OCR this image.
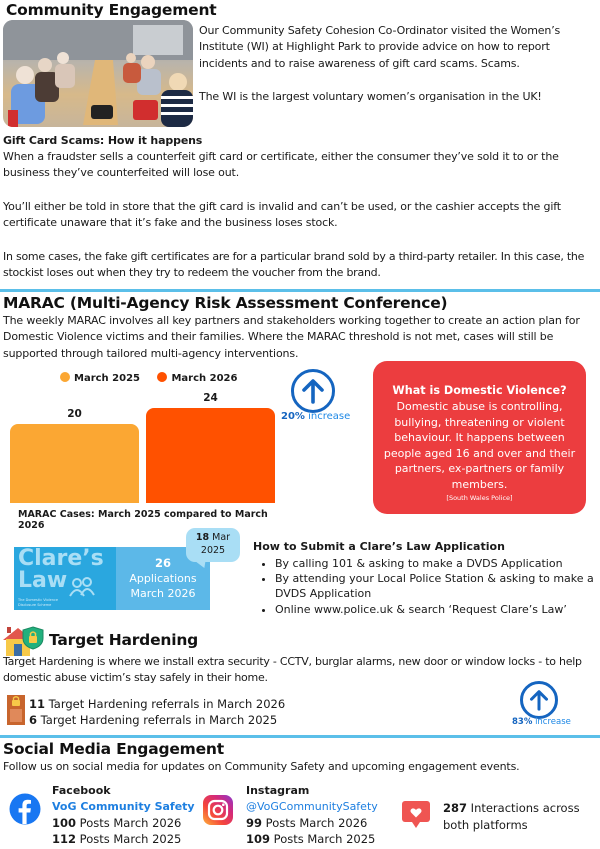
Community Engagement
Our Community Safety Cohesion Co-Ordinator visited the Women’s Institute (WI) at Highlight Park to provide advice on how to report incidents and to raise awareness of gift card scams. Scams.
The WI is the largest voluntary women’s organisation in the UK!
Gift Card Scams: How it happens
When a fraudster sells a counterfeit gift card or certificate, either the consumer they’ve sold it to or the business they’ve counterfeited will lose out.
You’ll either be told in store that the gift card is invalid and can’t be used, or the cashier accepts the gift certificate unaware that it’s fake and the business loses stock.
In some cases, the fake gift certificates are for a particular brand sold by a third-party retailer. In this case, the stockist loses out when they try to redeem the voucher from the brand.
MARAC (Multi-Agency Risk Assessment Conference)
The weekly MARAC involves all key partners and stakeholders working together to create an action plan for Domestic Violence victims and their families. Where the MARAC threshold is not met, cases will still be supported through tailored multi-agency interventions.
March 2025	March 2026
20
24
MARAC Cases: March 2025 compared to March 2026
20% increase
What is Domestic Violence?
Domestic abuse is controlling, bullying, threatening or violent behaviour. It happens between people aged 16 and over and their partners, ex-partners or family members.
[South Wales Police]
Clare’s
Law
The Domestic Violence Disclosure Scheme
26
Applications
March 2026
18 Mar
2025	How to Submit a Clare’s Law Application
• By calling 101 & asking to make a DVDS Application
• By attending your Local Police Station & asking to make a DVDS Application
• Online www.police.uk & search ‘Request Clare’s Law’
Target Hardening
Target Hardening is where we install extra security - CCTV, burglar alarms, new door or window locks - to help domestic abuse victim’s stay safely in their home.
11 Target Hardening referrals in March 2026
6 Target Hardening referrals in March 2025	83% increase
Social Media Engagement
Follow us on social media for updates on Community Safety and upcoming engagement events.
Facebook
VoG Community Safety
100 Posts March 2026
112 Posts March 2025
Instagram
@VoGCommunitySafety
99 Posts March 2026
109 Posts March 2025
287 Interactions across both platforms
